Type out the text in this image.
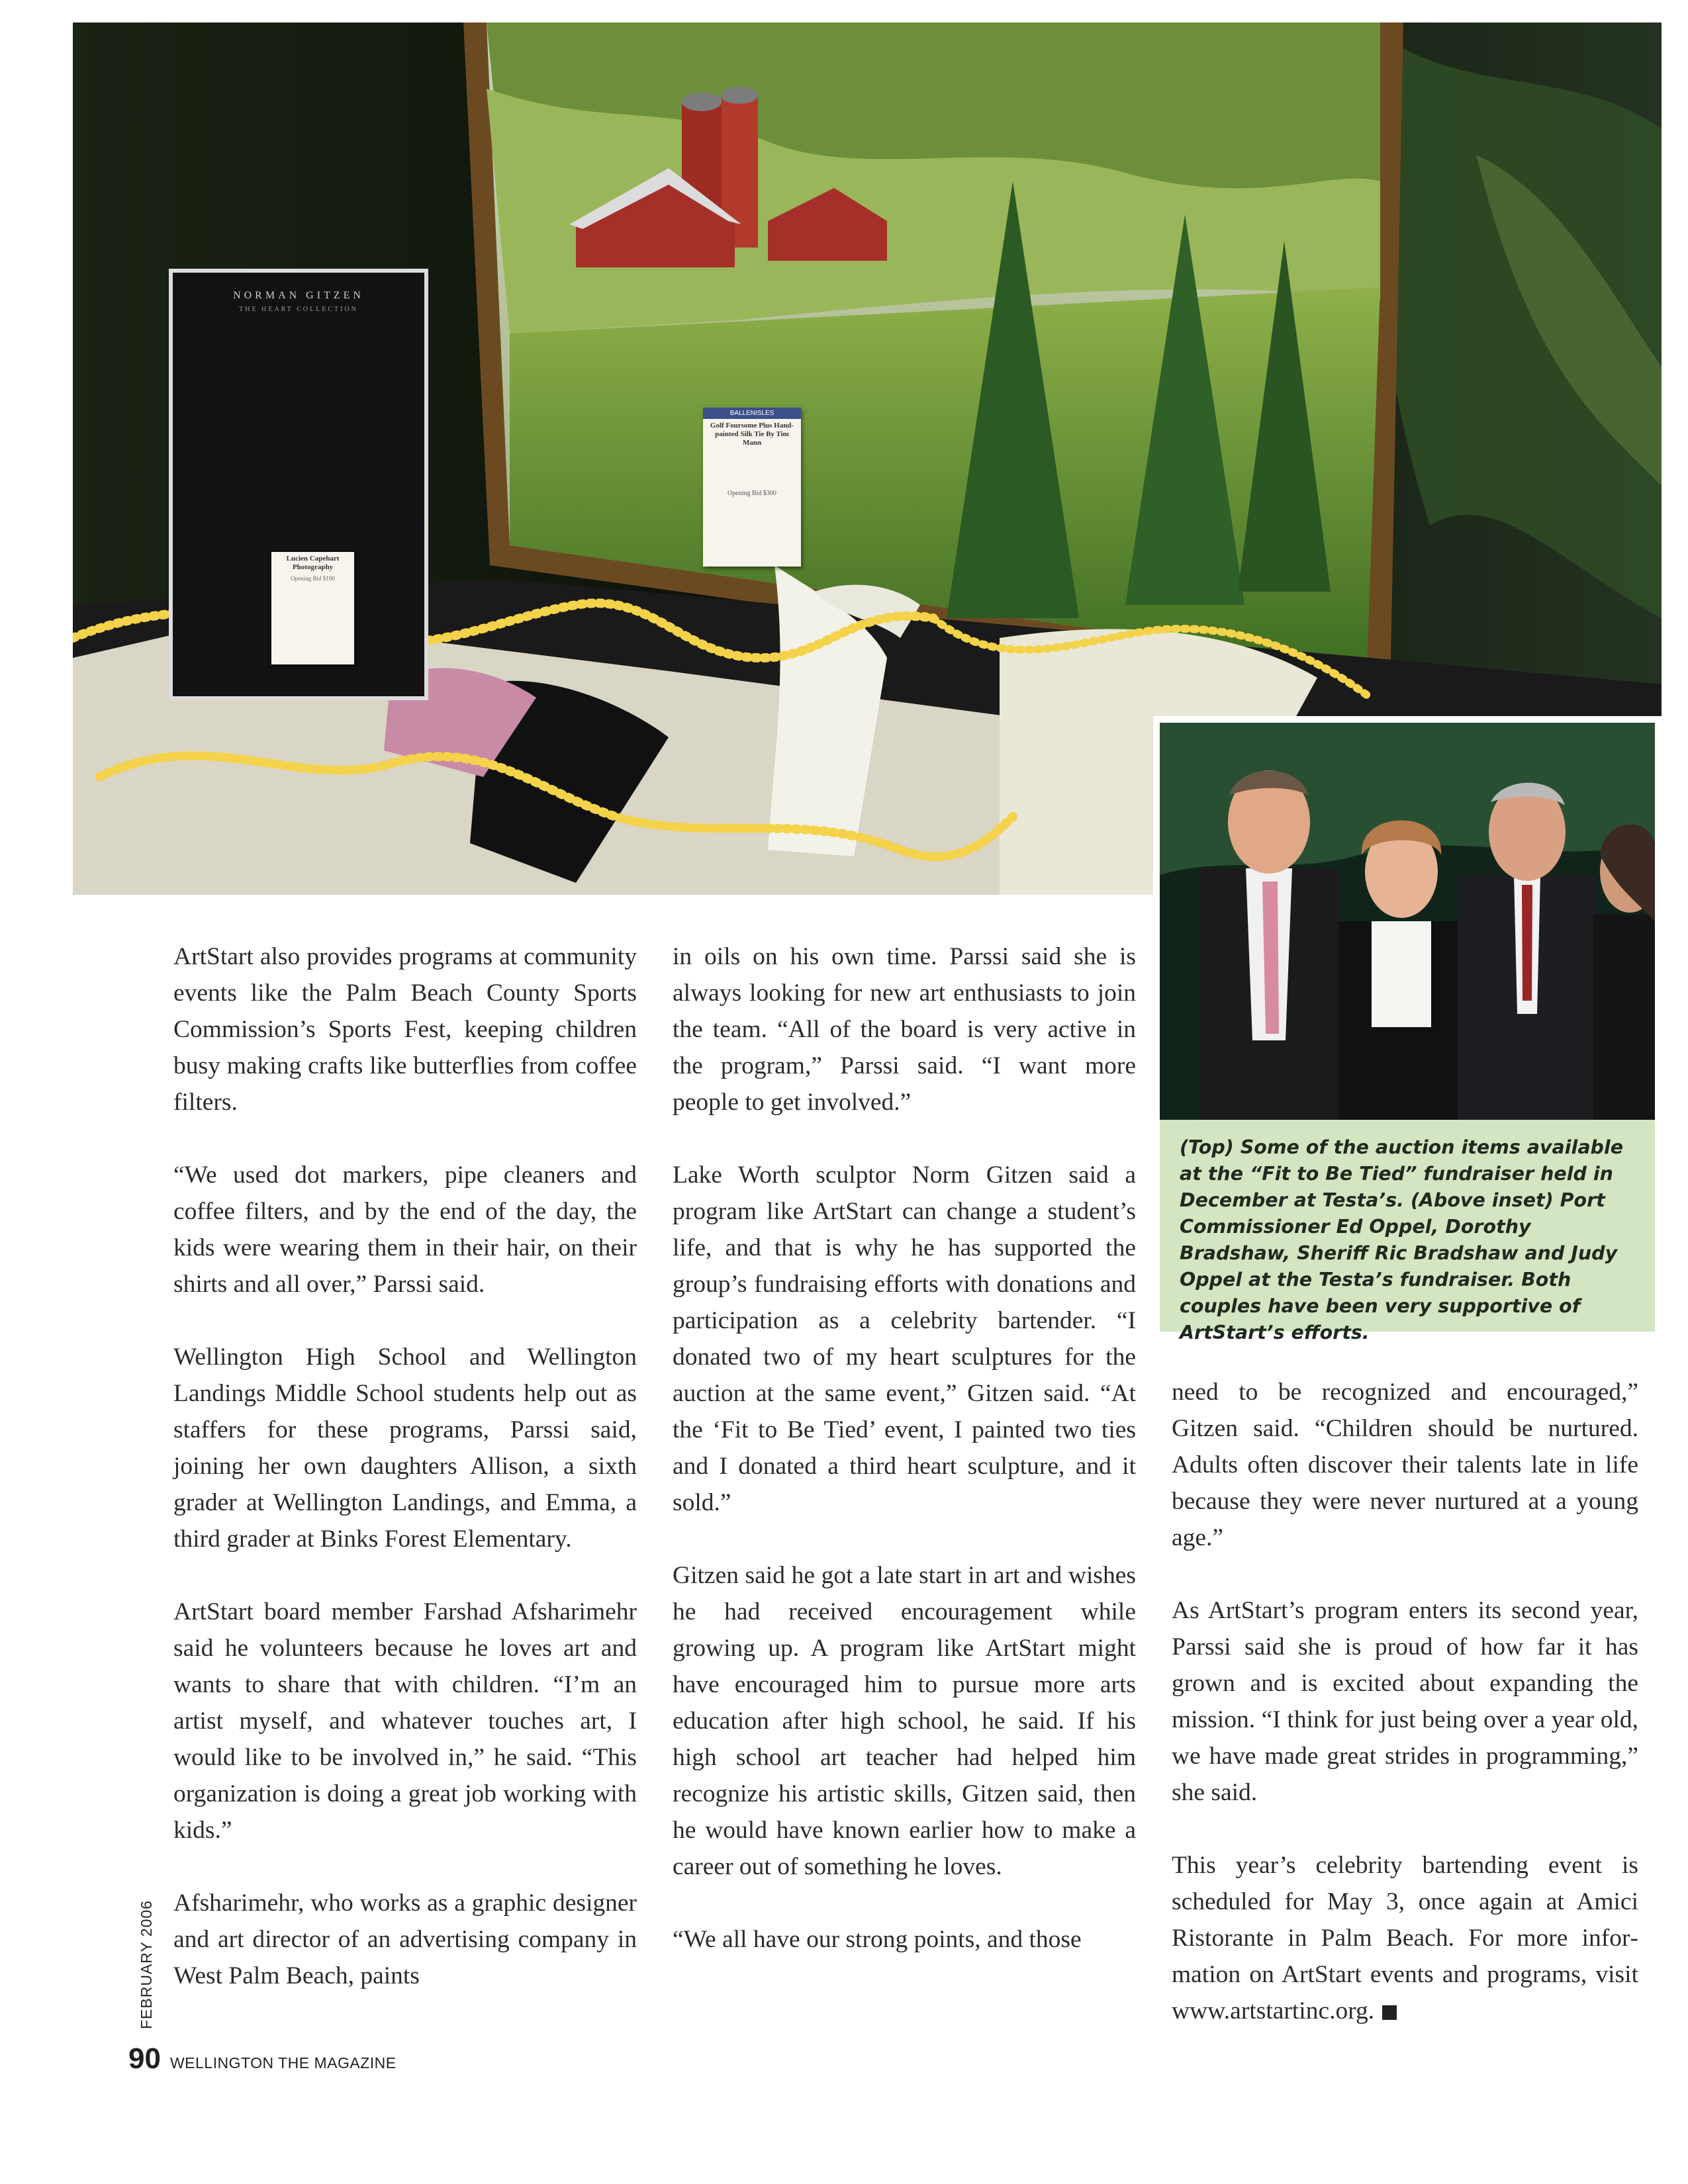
NORMAN GITZEN
THE HEART COLLECTION
Lucien Capehart Photography
Opening Bid $100
BALLENISLES
Golf Foursome Plus Hand-painted Silk Tie By Tim Mann
Opening Bid $300
(Top) Some of the auction items available at the “Fit to Be Tied” fundraiser held in December at Testa’s. (Above inset) Port Commissioner Ed Oppel, Dorothy Bradshaw, Sheriff Ric Bradshaw and Judy Oppel at the Testa’s fundraiser. Both couples have been very supportive of ArtStart’s efforts.

ArtStart also provides programs at community events like the Palm Beach County Sports Commission’s Sports Fest, keeping children busy making crafts like butterflies from coffee filters.

“We used dot markers, pipe cleaners and coffee filters, and by the end of the day, the kids were wearing them in their hair, on their shirts and all over,” Parssi said.

Wellington High School and Wellington Landings Middle School students help out as staffers for these programs, Parssi said, joining her own daughters Allison, a sixth grader at Wellington Landings, and Emma, a third grader at Binks Forest Elementary.

ArtStart board member Farshad Afsharimehr said he volunteers because he loves art and wants to share that with children. “I’m an artist myself, and whatever touches art, I would like to be involved in,” he said. “This organization is doing a great job working with kids.”

Afsharimehr, who works as a graphic designer and art director of an advertising company in West Palm Beach, paints

in oils on his own time. Parssi said she is always looking for new art enthusiasts to join the team. “All of the board is very active in the program,” Parssi said. “I want more people to get involved.”

Lake Worth sculptor Norm Gitzen said a program like ArtStart can change a student’s life, and that is why he has supported the group’s fundraising efforts with donations and participation as a celebrity bartender. “I donated two of my heart sculptures for the auction at the same event,” Gitzen said. “At the ‘Fit to Be Tied’ event, I painted two ties and I donated a third heart sculpture, and it sold.”

Gitzen said he got a late start in art and wishes he had received encouragement while growing up. A program like ArtStart might have encouraged him to pursue more arts education after high school, he said. If his high school art teacher had helped him recognize his artistic skills, Gitzen said, then he would have known earlier how to make a career out of something he loves.

“We all have our strong points, and those

need to be recognized and encouraged,” Gitzen said. “Children should be nurtured. Adults often discover their talents late in life because they were never nurtured at a young age.”

As ArtStart’s program enters its second year, Parssi said she is proud of how far it has grown and is excited about expanding the mission. “I think for just being over a year old, we have made great strides in programming,” she said.

This year’s celebrity bartending event is scheduled for May 3, once again at Amici Ristorante in Palm Beach. For more information on ArtStart events and programs, visit www.artstartinc.org.

FEBRUARY 2006
90 WELLINGTON THE MAGAZINE
